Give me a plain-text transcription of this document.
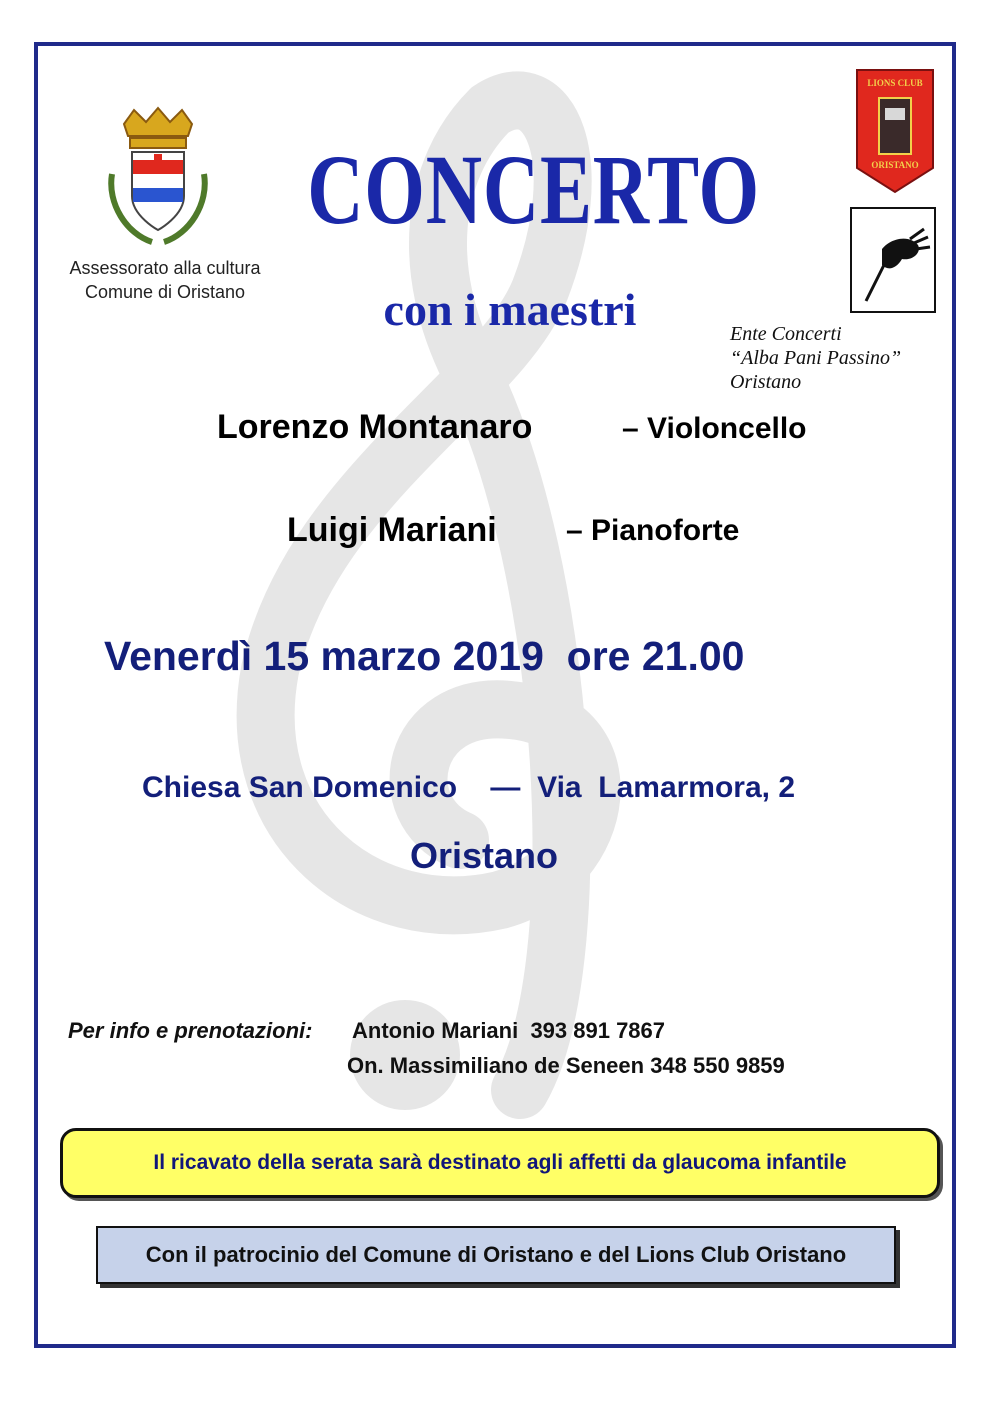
Assessorato alla cultura
Comune di Oristano
CONCERTO
con i maestri
LIONS CLUB
ORISTANO
Ente Concerti
“Alba Pani Passino”
Oristano
Lorenzo Montanaro	– Violoncello
Luigi Mariani – Pianoforte
Venerdì 15 marzo 2019  ore 21.00
Chiesa San Domenico    —  Via  Lamarmora, 2
Oristano
Per info e prenotazioni: Antonio Mariani  393 891 7867
On. Massimiliano de Seneen 348 550 9859
Il ricavato della serata sarà destinato agli affetti da glaucoma infantile
Con il patrocinio del Comune di Oristano e del Lions Club Oristano
